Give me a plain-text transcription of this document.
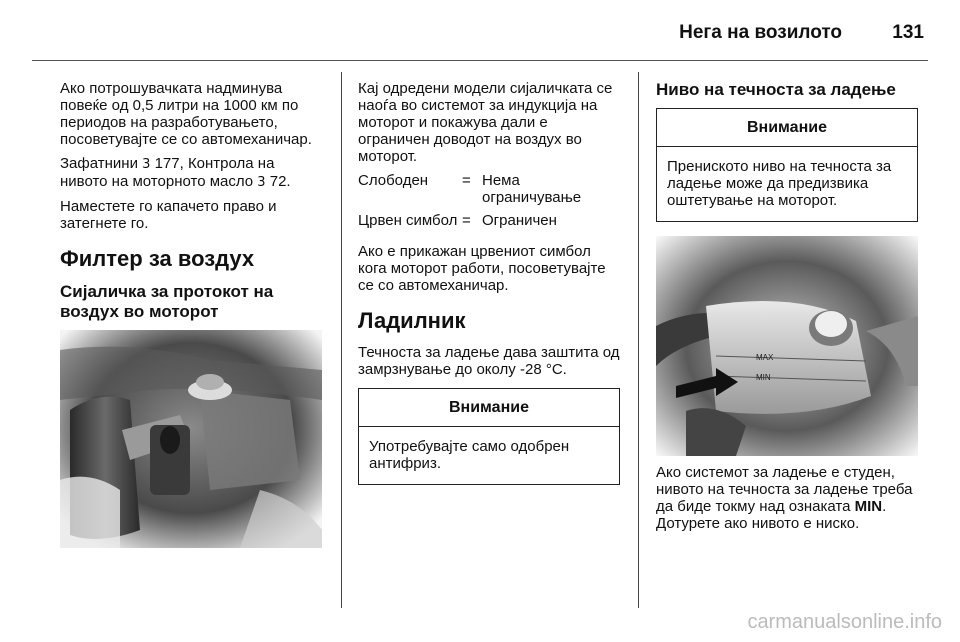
Нега на возилото	131

Ако потрошувачката надминува повеќе од 0,5 литри на 1000 км по периодов на разработувањето, посоветувајте се со автомеханичар.

Зафатнини 3 177, Контрола на нивото на моторното масло 3 72.

Наместете го капачето право и затегнете го.

Филтер за воздух
Сијаличка за протокот на воздух во моторот

Кај одредени модели сијаличката се наоѓа во системот за индукција на моторот и покажува дали е ограничен доводот на воздух во моторот.

Слободен	= Нема ограничување
Црвен симбол = Ограничен

Ако е прикажан црвениот симбол кога моторот работи, посоветувајте се со автомеханичар.

Ладилник

Течноста за ладење дава заштита од замрзнување до околу -28 °C.

Внимание
Употребувајте само одобрен антифриз.
Ниво на течноста за ладење
Внимание
Прениското ниво на течноста за ладење може да предизвика оштетување на моторот.
MAX
MIN

Ако системот за ладење е студен, нивото на течноста за ладење треба да биде токму над ознаката MIN. Дотурете ако нивото е ниско.

carmanualsonline.info
